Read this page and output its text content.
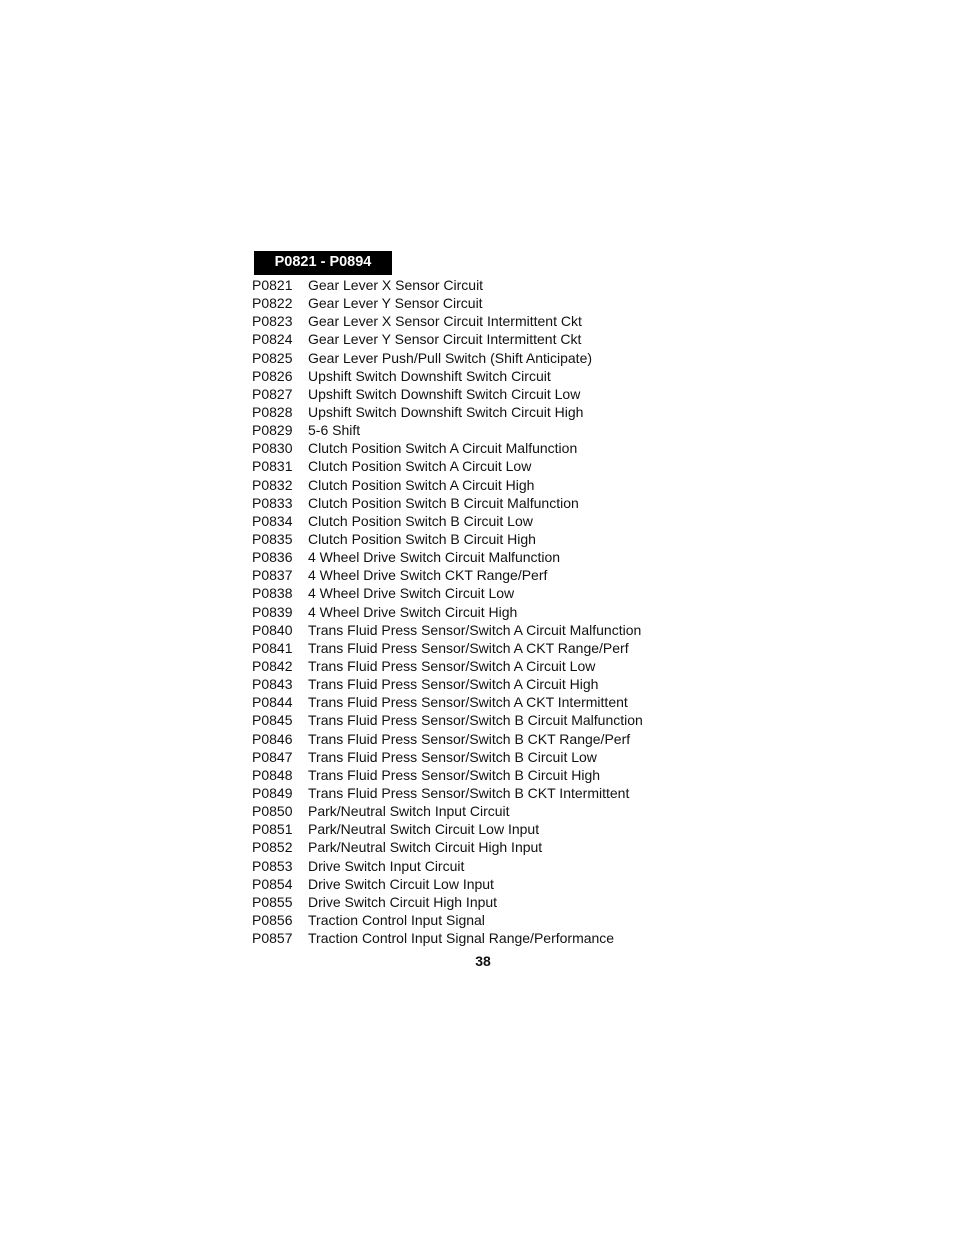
P0821 - P0894
P0821	Gear Lever X Sensor Circuit
P0822	Gear Lever Y Sensor Circuit
P0823	Gear Lever X Sensor Circuit Intermittent Ckt
P0824	Gear Lever Y Sensor Circuit Intermittent Ckt
P0825	Gear Lever Push/Pull Switch (Shift Anticipate)
P0826	Upshift Switch Downshift Switch Circuit
P0827	Upshift Switch Downshift Switch Circuit Low
P0828	Upshift Switch Downshift Switch Circuit High
P0829	5-6 Shift
P0830	Clutch Position Switch A Circuit Malfunction
P0831	Clutch Position Switch A Circuit Low
P0832	Clutch Position Switch A Circuit High
P0833	Clutch Position Switch B Circuit Malfunction
P0834	Clutch Position Switch B Circuit Low
P0835	Clutch Position Switch B Circuit High
P0836	4 Wheel Drive Switch Circuit Malfunction
P0837	4 Wheel Drive Switch CKT Range/Perf
P0838	4 Wheel Drive Switch Circuit Low
P0839	4 Wheel Drive Switch Circuit High
P0840	Trans Fluid Press Sensor/Switch A Circuit Malfunction
P0841	Trans Fluid Press Sensor/Switch A CKT Range/Perf
P0842	Trans Fluid Press Sensor/Switch A Circuit Low
P0843	Trans Fluid Press Sensor/Switch A Circuit High
P0844	Trans Fluid Press Sensor/Switch A CKT Intermittent
P0845	Trans Fluid Press Sensor/Switch B Circuit Malfunction
P0846	Trans Fluid Press Sensor/Switch B CKT Range/Perf
P0847	Trans Fluid Press Sensor/Switch B Circuit Low
P0848	Trans Fluid Press Sensor/Switch B Circuit High
P0849	Trans Fluid Press Sensor/Switch B CKT Intermittent
P0850	Park/Neutral Switch Input Circuit
P0851	Park/Neutral Switch Circuit Low Input
P0852	Park/Neutral Switch Circuit High Input
P0853	Drive Switch Input Circuit
P0854	Drive Switch Circuit Low Input
P0855	Drive Switch Circuit High Input
P0856	Traction Control Input Signal
P0857	Traction Control Input Signal Range/Performance
38
